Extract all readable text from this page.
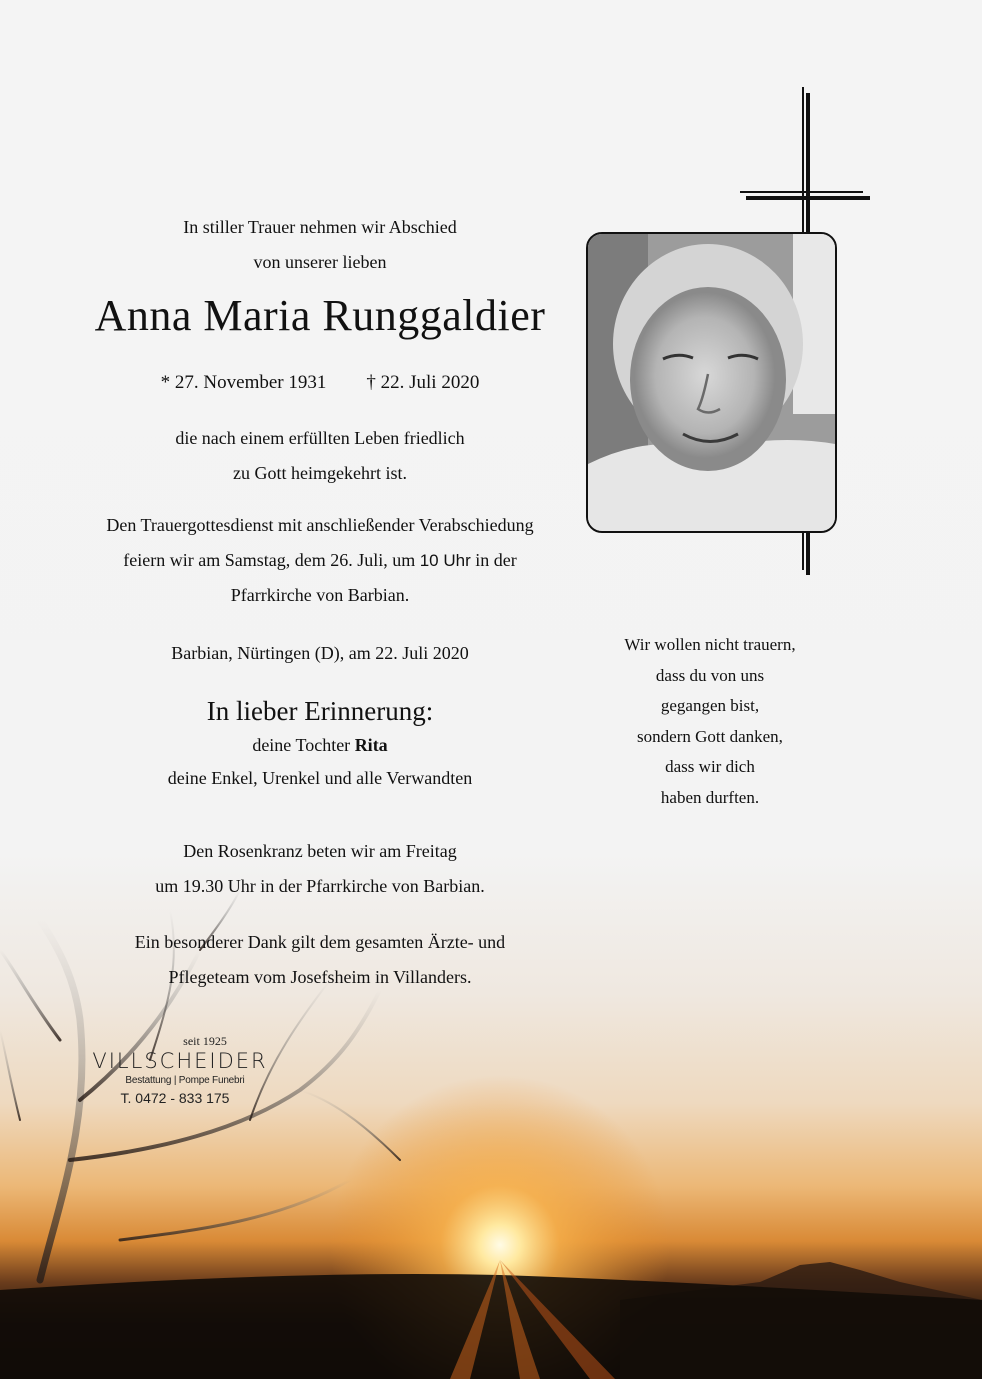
In stiller Trauer nehmen wir Abschied

von unserer lieben

Anna Maria Runggaldier
* 27. November 1931 † 22. Juli 2020

die nach einem erfüllten Leben friedlich

zu Gott heimgekehrt ist.

Den Trauergottesdienst mit anschließender Verabschiedung

feiern wir am Samstag, dem 26. Juli, um 10 Uhr in der

Pfarrkirche von Barbian.

Barbian, Nürtingen (D), am 22. Juli 2020

In lieber Erinnerung:

deine Tochter Rita

deine Enkel, Urenkel und alle Verwandten

Den Rosenkranz beten wir am Freitag

um 19.30 Uhr in der Pfarrkirche von Barbian.

Ein besonderer Dank gilt dem gesamten Ärzte- und

Pflegeteam vom Josefsheim in Villanders.

Wir wollen nicht trauern,

dass du von uns

gegangen bist,

sondern Gott danken,

dass wir dich

haben durften.

seit 1925
VILLSCHEIDER
Bestattung | Pompe Funebri
T. 0472 - 833 175
